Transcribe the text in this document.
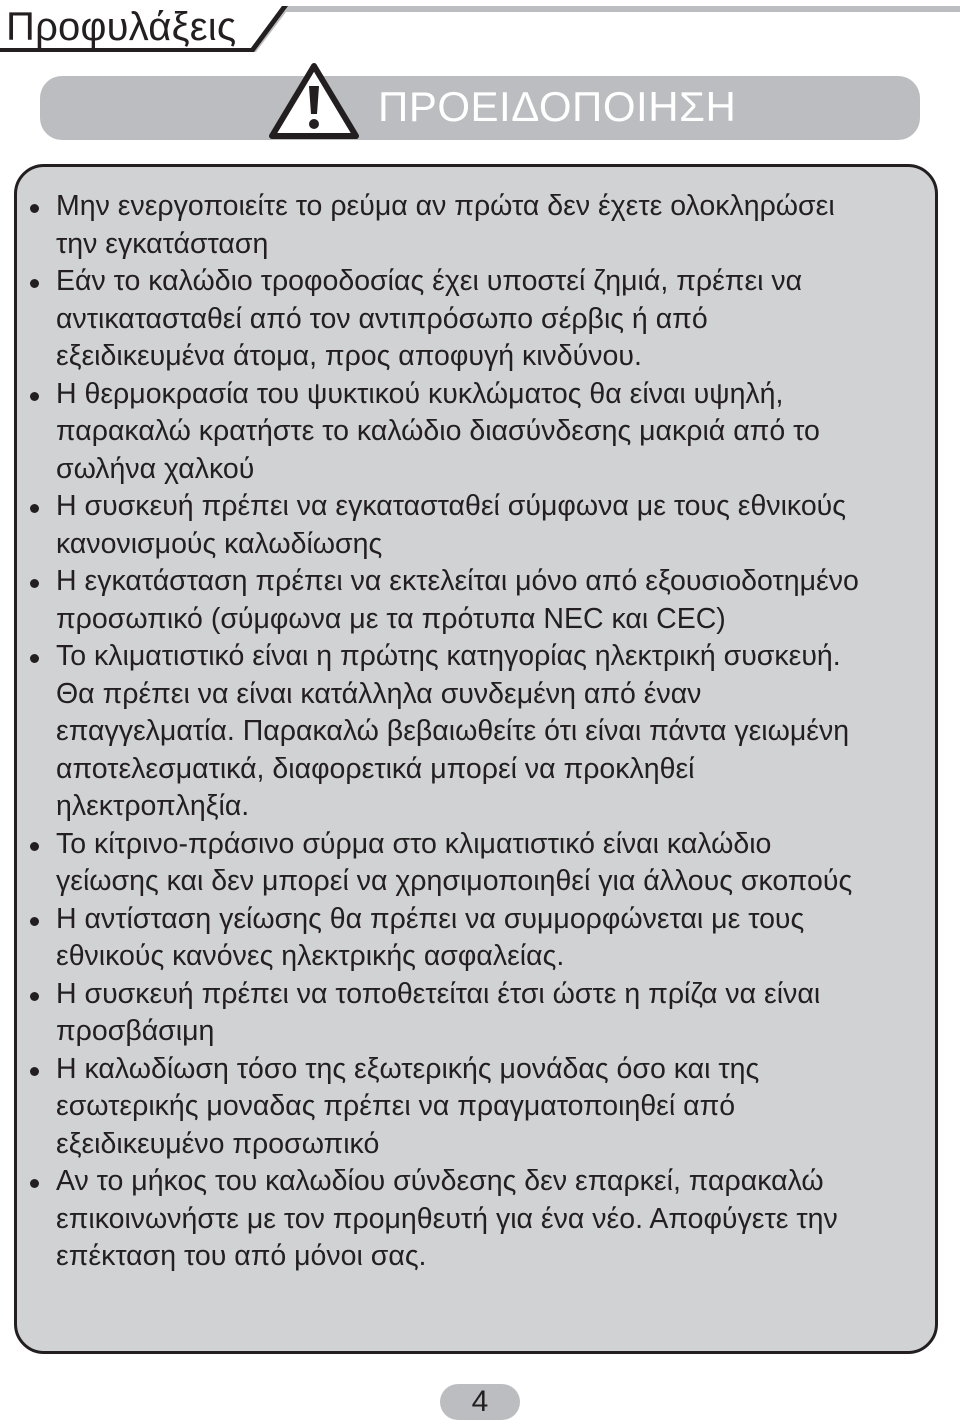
Προφυλάξεις
ΠΡΟΕΙΔΟΠΟΙΗΣΗ
Μην ενεργοποιείτε το ρεύμα αν πρώτα δεν έχετε ολοκληρώσει
την εγκατάσταση
Εάν το καλώδιο τροφοδοσίας έχει υποστεί ζημιά, πρέπει να
αντικατασταθεί από τον αντιπρόσωπο σέρβις ή από
εξειδικευμένα άτομα, προς αποφυγή κινδύνου.
Η θερμοκρασία του ψυκτικού κυκλώματος θα είναι υψηλή,
παρακαλώ κρατήστε το καλώδιο διασύνδεσης μακριά από το
σωλήνα χαλκού
Η συσκευή πρέπει να εγκατασταθεί σύμφωνα με τους εθνικούς
κανονισμούς καλωδίωσης
Η εγκατάσταση πρέπει να εκτελείται μόνο από εξουσιοδοτημένο
προσωπικό (σύμφωνα με τα πρότυπα NEC και CEC)
Το κλιματιστικό είναι η πρώτης κατηγορίας ηλεκτρική συσκευή.
Θα πρέπει να είναι κατάλληλα συνδεμένη από έναν
επαγγελματία. Παρακαλώ βεβαιωθείτε ότι είναι πάντα γειωμένη
αποτελεσματικά, διαφορετικά μπορεί να προκληθεί
ηλεκτροπληξία.
Το κίτρινο-πράσινο σύρμα στο κλιματιστικό είναι καλώδιο
γείωσης και δεν μπορεί να χρησιμοποιηθεί για άλλους σκοπούς
Η αντίσταση γείωσης θα πρέπει να συμμορφώνεται με τους
εθνικούς κανόνες ηλεκτρικής ασφαλείας.
Η συσκευή πρέπει να τοποθετείται έτσι ώστε η πρίζα να είναι
προσβάσιμη
Η καλωδίωση τόσο της εξωτερικής μονάδας όσο και της
εσωτερικής μοναδας πρέπει να πραγματοποιηθεί από
εξειδικευμένο προσωπικό
Αν το μήκος του καλωδίου σύνδεσης δεν επαρκεί, παρακαλώ
επικοινωνήστε με τον προμηθευτή για ένα νέο. Αποφύγετε την
επέκταση του από μόνοι σας.
4
